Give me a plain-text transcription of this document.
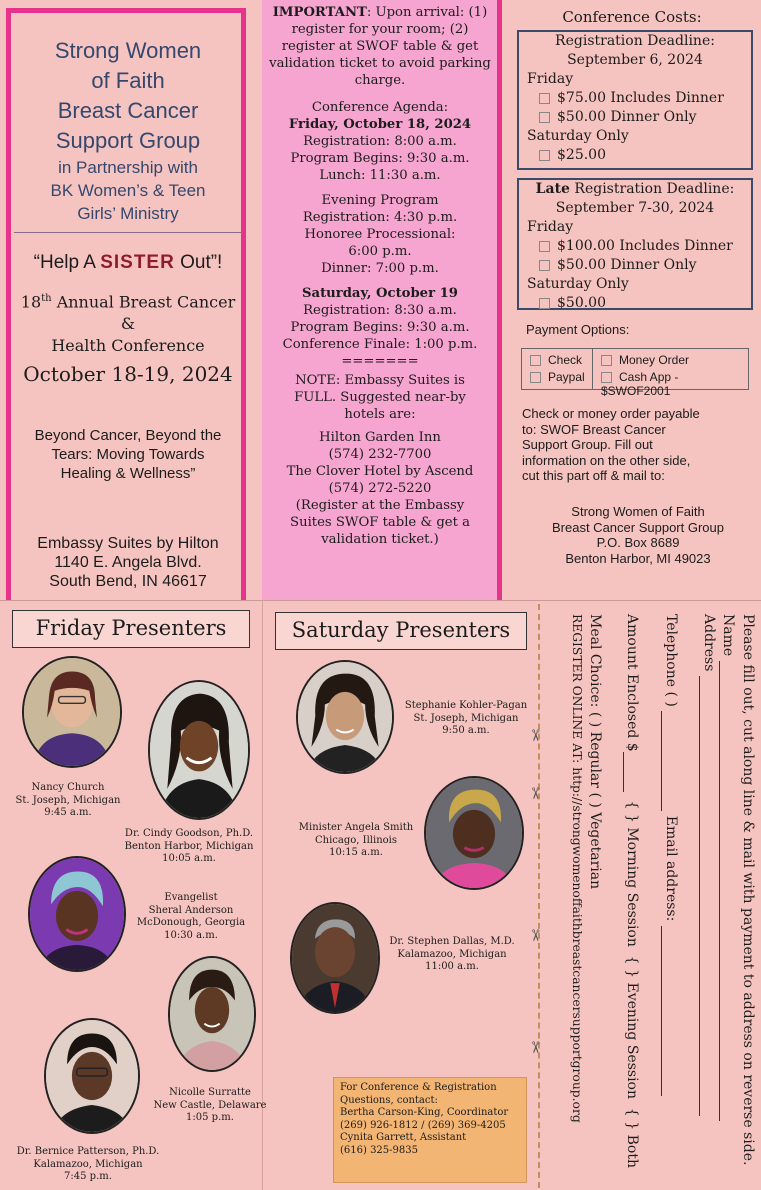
Strong Women
of Faith
Breast Cancer
Support Group
in Partnership with
BK Women’s & Teen
Girls’ Ministry
“Help A SISTER Out”!
18th Annual Breast Cancer &
Health Conference
October 18-19, 2024
Beyond Cancer, Beyond the
Tears: Moving Towards
Healing & Wellness”
Embassy Suites by Hilton
1140 E. Angela Blvd.
South Bend, IN 46617
IMPORTANT: Upon arrival: (1) register for your room; (2) register at SWOF table & get validation ticket to avoid parking charge.
Conference Agenda:
Friday, October 18, 2024
Registration: 8:00 a.m.
Program Begins: 9:30 a.m.
Lunch: 11:30 a.m.
Evening Program
Registration: 4:30 p.m.
Honoree Processional:
6:00 p.m.
Dinner: 7:00 p.m.
Saturday, October 19
Registration: 8:30 a.m.
Program Begins: 9:30 a.m.
Conference Finale: 1:00 p.m.
=======
NOTE: Embassy Suites is
FULL. Suggested near-by
hotels are:
Hilton Garden Inn
(574) 232-7700
The Clover Hotel by Ascend
(574) 272-5220
(Register at the Embassy
Suites SWOF table & get a
validation ticket.)
Conference Costs:
Registration Deadline:
September 6, 2024
Friday
$75.00 Includes Dinner
$50.00 Dinner Only
Saturday Only
$25.00
Late Registration Deadline:
September 7-30, 2024
Friday
$100.00 Includes Dinner
$50.00 Dinner Only
Saturday Only
$50.00
Payment Options:
Check
Paypal
Money Order
Cash App - $SWOF2001
Check or money order payable
to: SWOF Breast Cancer
Support Group. Fill out
information on the other side,
cut this part off & mail to:
Strong Women of Faith
Breast Cancer Support Group
P.O. Box 8689
Benton Harbor, MI 49023
Friday Presenters	Saturday Presenters
Nancy Church
St. Joseph, Michigan
9:45 a.m.
Dr. Cindy Goodson, Ph.D.
Benton Harbor, Michigan
10:05 a.m.
Evangelist
Sheral Anderson
McDonough, Georgia
10:30 a.m.
Nicolle Surratte
New Castle, Delaware
1:05 p.m.
Dr. Bernice Patterson, Ph.D.
Kalamazoo, Michigan
7:45 p.m.
Stephanie Kohler-Pagan
St. Joseph, Michigan
9:50 a.m.
Minister Angela Smith
Chicago, Illinois
10:15 a.m.
Dr. Stephen Dallas, M.D.
Kalamazoo, Michigan
11:00 a.m.
For Conference & Registration
Questions, contact:
Bertha Carson-King, Coordinator
(269) 926-1812 / (269) 369-4205
Cynita Garrett, Assistant
(616) 325-9835
✂
✂
✂
✂	Please fill out, cut along line & mail with payment to address on reverse side.
Name
Address
Telephone ( )   Email address:
Amount Enclosed $   { } Morning Session  { } Evening Session  { } Both
Meal Choice: ( ) Regular ( ) Vegetarian
REGISTER ONLINE AT: http://strongwomenoffaithbreastcancersupportgroup.org
